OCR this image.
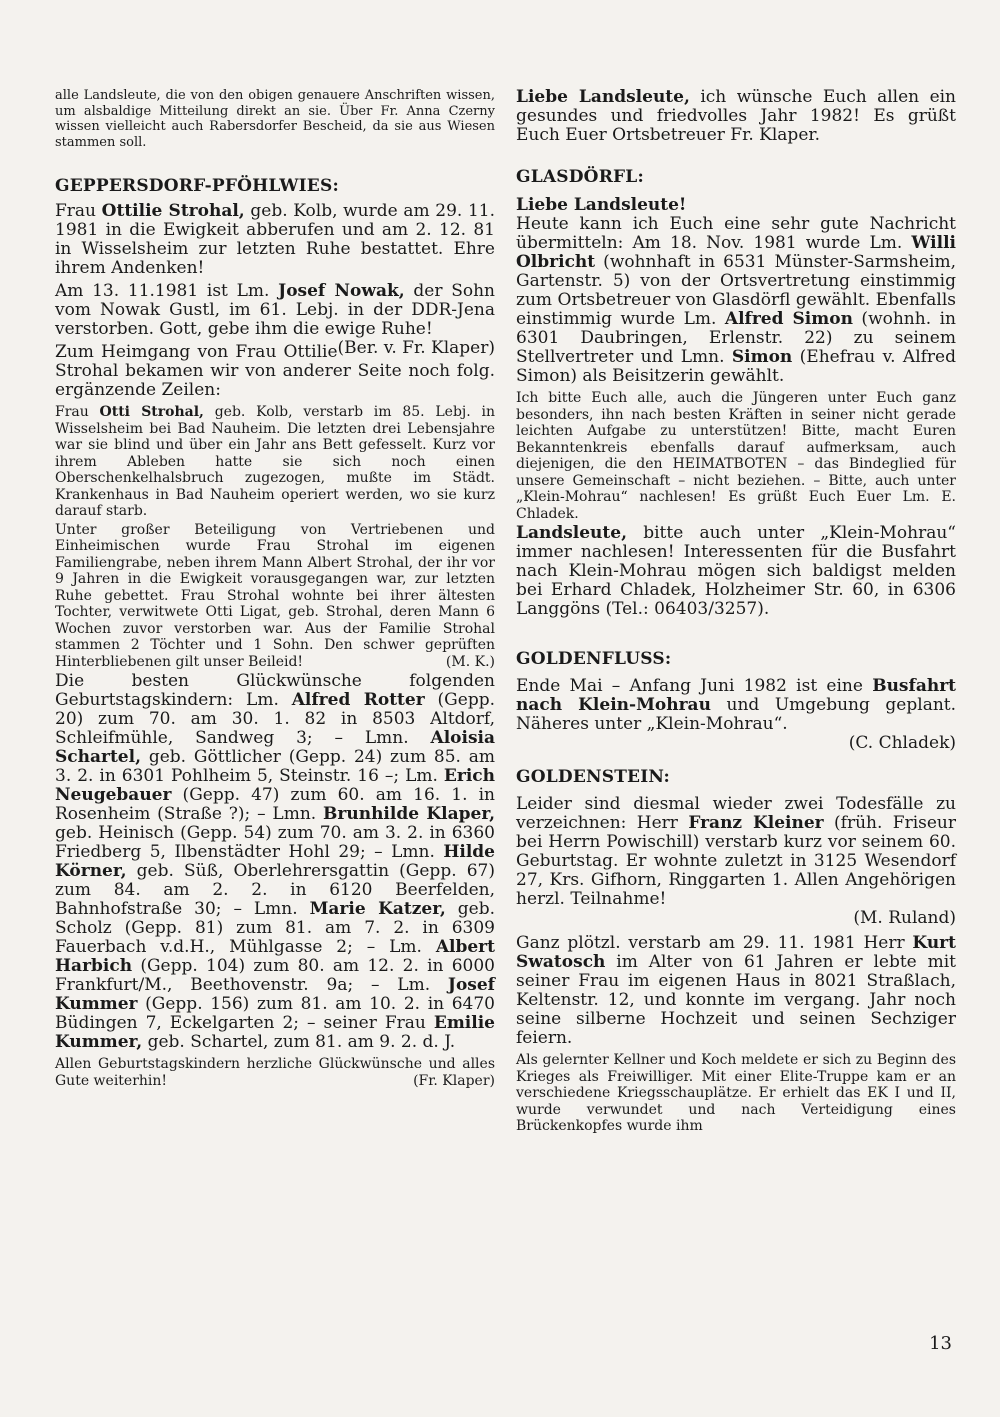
alle Landsleute, die von den obigen genauere Anschriften wissen, um alsbaldige Mitteilung direkt an sie. Über Fr. Anna Czerny wissen vielleicht auch Rabersdorfer Bescheid, da sie aus Wiesen stammen soll.

GEPPERSDORF-PFÖHLWIES:

Frau Ottilie Strohal, geb. Kolb, wurde am 29. 11. 1981 in die Ewigkeit abberufen und am 2. 12. 81 in Wisselsheim zur letzten Ruhe bestattet. Ehre ihrem Andenken!

Am 13. 11.1981 ist Lm. Josef Nowak, der Sohn vom Nowak Gustl, im 61. Lebj. in der DDR-Jena verstorben. Gott, gebe ihm die ewige Ruhe!
(Ber. v. Fr. Klaper)

Zum Heimgang von Frau Ottilie Strohal bekamen wir von anderer Seite noch folg. ergänzende Zeilen:

Frau Otti Strohal, geb. Kolb, verstarb im 85. Lebj. in Wisselsheim bei Bad Nauheim. Die letzten drei Lebensjahre war sie blind und über ein Jahr ans Bett gefesselt. Kurz vor ihrem Ableben hatte sie sich noch einen Oberschenkelhalsbruch zugezogen, mußte im Städt. Krankenhaus in Bad Nauheim operiert werden, wo sie kurz darauf starb.

Unter großer Beteiligung von Vertriebenen und Einheimischen wurde Frau Strohal im eigenen Familiengrabe, neben ihrem Mann Albert Strohal, der ihr vor 9 Jahren in die Ewigkeit vorausgegangen war, zur letzten Ruhe gebettet. Frau Strohal wohnte bei ihrer ältesten Tochter, verwitwete Otti Ligat, geb. Strohal, deren Mann 6 Wochen zuvor verstorben war. Aus der Familie Strohal stammen 2 Töchter und 1 Sohn. Den schwer geprüften Hinterbliebenen gilt unser Beileid!	(M. K.)

Die besten Glückwünsche folgenden Geburtstagskindern: Lm. Alfred Rotter (Gepp. 20) zum 70. am 30. 1. 82 in 8503 Altdorf, Schleifmühle, Sandweg 3; – Lmn. Aloisia Schartel, geb. Göttlicher (Gepp. 24) zum 85. am 3. 2. in 6301 Pohlheim 5, Steinstr. 16 –; Lm. Erich Neugebauer (Gepp. 47) zum 60. am 16. 1. in Rosenheim (Straße ?); – Lmn. Brunhilde Klaper, geb. Heinisch (Gepp. 54) zum 70. am 3. 2. in 6360 Friedberg 5, Ilbenstädter Hohl 29; – Lmn. Hilde Körner, geb. Süß, Oberlehrersgattin (Gepp. 67) zum 84. am 2. 2. in 6120 Beerfelden, Bahnhofstraße 30; – Lmn. Marie Katzer, geb. Scholz (Gepp. 81) zum 81. am 7. 2. in 6309 Fauerbach v.d.H., Mühlgasse 2; – Lm. Albert Harbich (Gepp. 104) zum 80. am 12. 2. in 6000 Frankfurt/M., Beethovenstr. 9a; – Lm. Josef Kummer (Gepp. 156) zum 81. am 10. 2. in 6470 Büdingen 7, Eckelgarten 2; – seiner Frau Emilie Kummer, geb. Schartel, zum 81. am 9. 2. d. J.

Allen Geburtstagskindern herzliche Glückwünsche und alles Gute weiterhin!	(Fr. Klaper)

Liebe Landsleute, ich wünsche Euch allen ein gesundes und friedvolles Jahr 1982! Es grüßt Euch Euer Ortsbetreuer Fr. Klaper.

GLASDÖRFL:

Liebe Landsleute!

Heute kann ich Euch eine sehr gute Nachricht übermitteln: Am 18. Nov. 1981 wurde Lm. Willi Olbricht (wohnhaft in 6531 Münster-Sarmsheim, Gartenstr. 5) von der Ortsvertretung einstimmig zum Ortsbetreuer von Glasdörfl gewählt. Ebenfalls einstimmig wurde Lm. Alfred Simon (wohnh. in 6301 Daubringen, Erlenstr. 22) zu seinem Stellvertreter und Lmn. Simon (Ehefrau v. Alfred Simon) als Beisitzerin gewählt.

Ich bitte Euch alle, auch die Jüngeren unter Euch ganz besonders, ihn nach besten Kräften in seiner nicht gerade leichten Aufgabe zu unterstützen! Bitte, macht Euren Bekanntenkreis ebenfalls darauf aufmerksam, auch diejenigen, die den HEIMATBOTEN – das Bindeglied für unsere Gemeinschaft – nicht beziehen. – Bitte, auch unter „Klein-Mohrau“ nachlesen! Es grüßt Euch Euer Lm. E. Chladek.

Landsleute, bitte auch unter „Klein-Mohrau“ immer nachlesen! Interessenten für die Busfahrt nach Klein-Mohrau mögen sich baldigst melden bei Erhard Chladek, Holzheimer Str. 60, in 6306 Langgöns (Tel.: 06403/3257).

GOLDENFLUSS:

Ende Mai – Anfang Juni 1982 ist eine Busfahrt nach Klein-Mohrau und Umgebung geplant. Näheres unter „Klein-Mohrau“.

(C. Chladek)

GOLDENSTEIN:

Leider sind diesmal wieder zwei Todesfälle zu verzeichnen: Herr Franz Kleiner (früh. Friseur bei Herrn Powischill) verstarb kurz vor seinem 60. Geburtstag. Er wohnte zuletzt in 3125 Wesendorf 27, Krs. Gifhorn, Ringgarten 1. Allen Angehörigen herzl. Teilnahme!

(M. Ruland)

Ganz plötzl. verstarb am 29. 11. 1981 Herr Kurt Swatosch im Alter von 61 Jahren er lebte mit seiner Frau im eigenen Haus in 8021 Straßlach, Keltenstr. 12, und konnte im vergang. Jahr noch seine silberne Hochzeit und seinen Sechziger feiern.

Als gelernter Kellner und Koch meldete er sich zu Beginn des Krieges als Freiwilliger. Mit einer Elite-Truppe kam er an verschiedene Kriegsschauplätze. Er erhielt das EK I und II, wurde verwundet und nach Verteidigung eines Brückenkopfes wurde ihm

13
